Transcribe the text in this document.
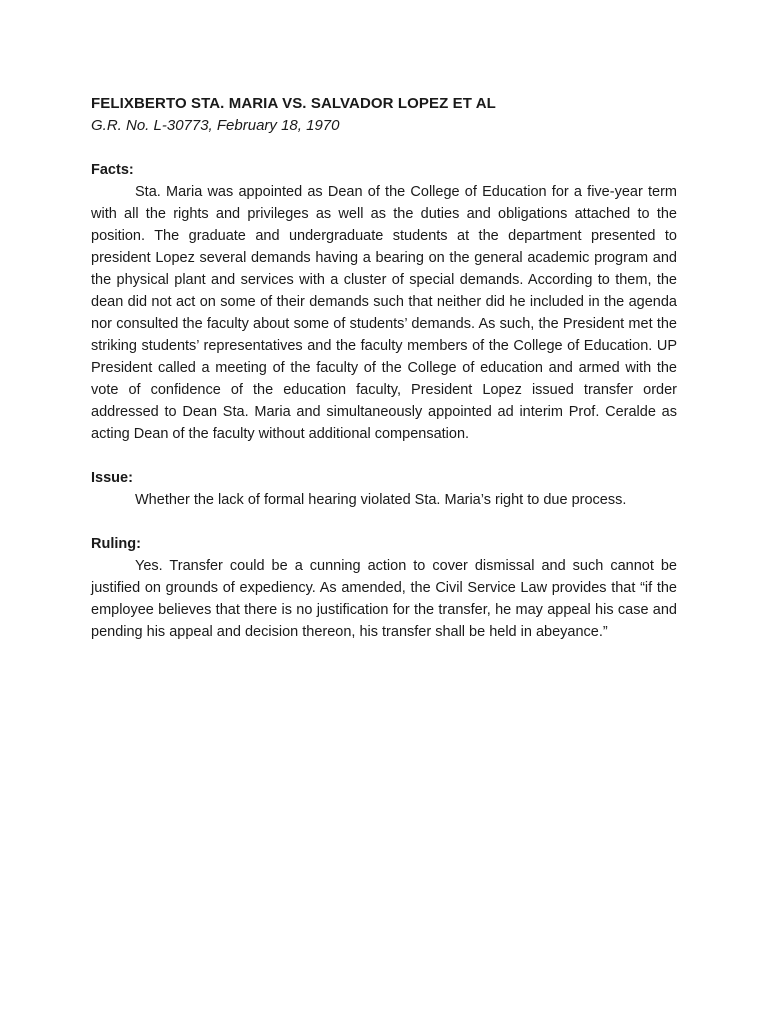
FELIXBERTO STA. MARIA VS. SALVADOR LOPEZ ET AL

G.R. No. L-30773, February 18, 1970

Facts:

Sta. Maria was appointed as Dean of the College of Education for a five-year term with all the rights and privileges as well as the duties and obligations attached to the position. The graduate and undergraduate students at the department presented to president Lopez several demands having a bearing on the general academic program and the physical plant and services with a cluster of special demands. According to them, the dean did not act on some of their demands such that neither did he included in the agenda nor consulted the faculty about some of students’ demands. As such, the President met the striking students’ representatives and the faculty members of the College of Education. UP President called a meeting of the faculty of the College of education and armed with the vote of confidence of the education faculty, President Lopez issued transfer order addressed to Dean Sta. Maria and simultaneously appointed ad interim Prof. Ceralde as acting Dean of the faculty without additional compensation.

Issue:

Whether the lack of formal hearing violated Sta. Maria’s right to due process.

Ruling:

Yes. Transfer could be a cunning action to cover dismissal and such cannot be justified on grounds of expediency. As amended, the Civil Service Law provides that “if the employee believes that there is no justification for the transfer, he may appeal his case and pending his appeal and decision thereon, his transfer shall be held in abeyance.”
